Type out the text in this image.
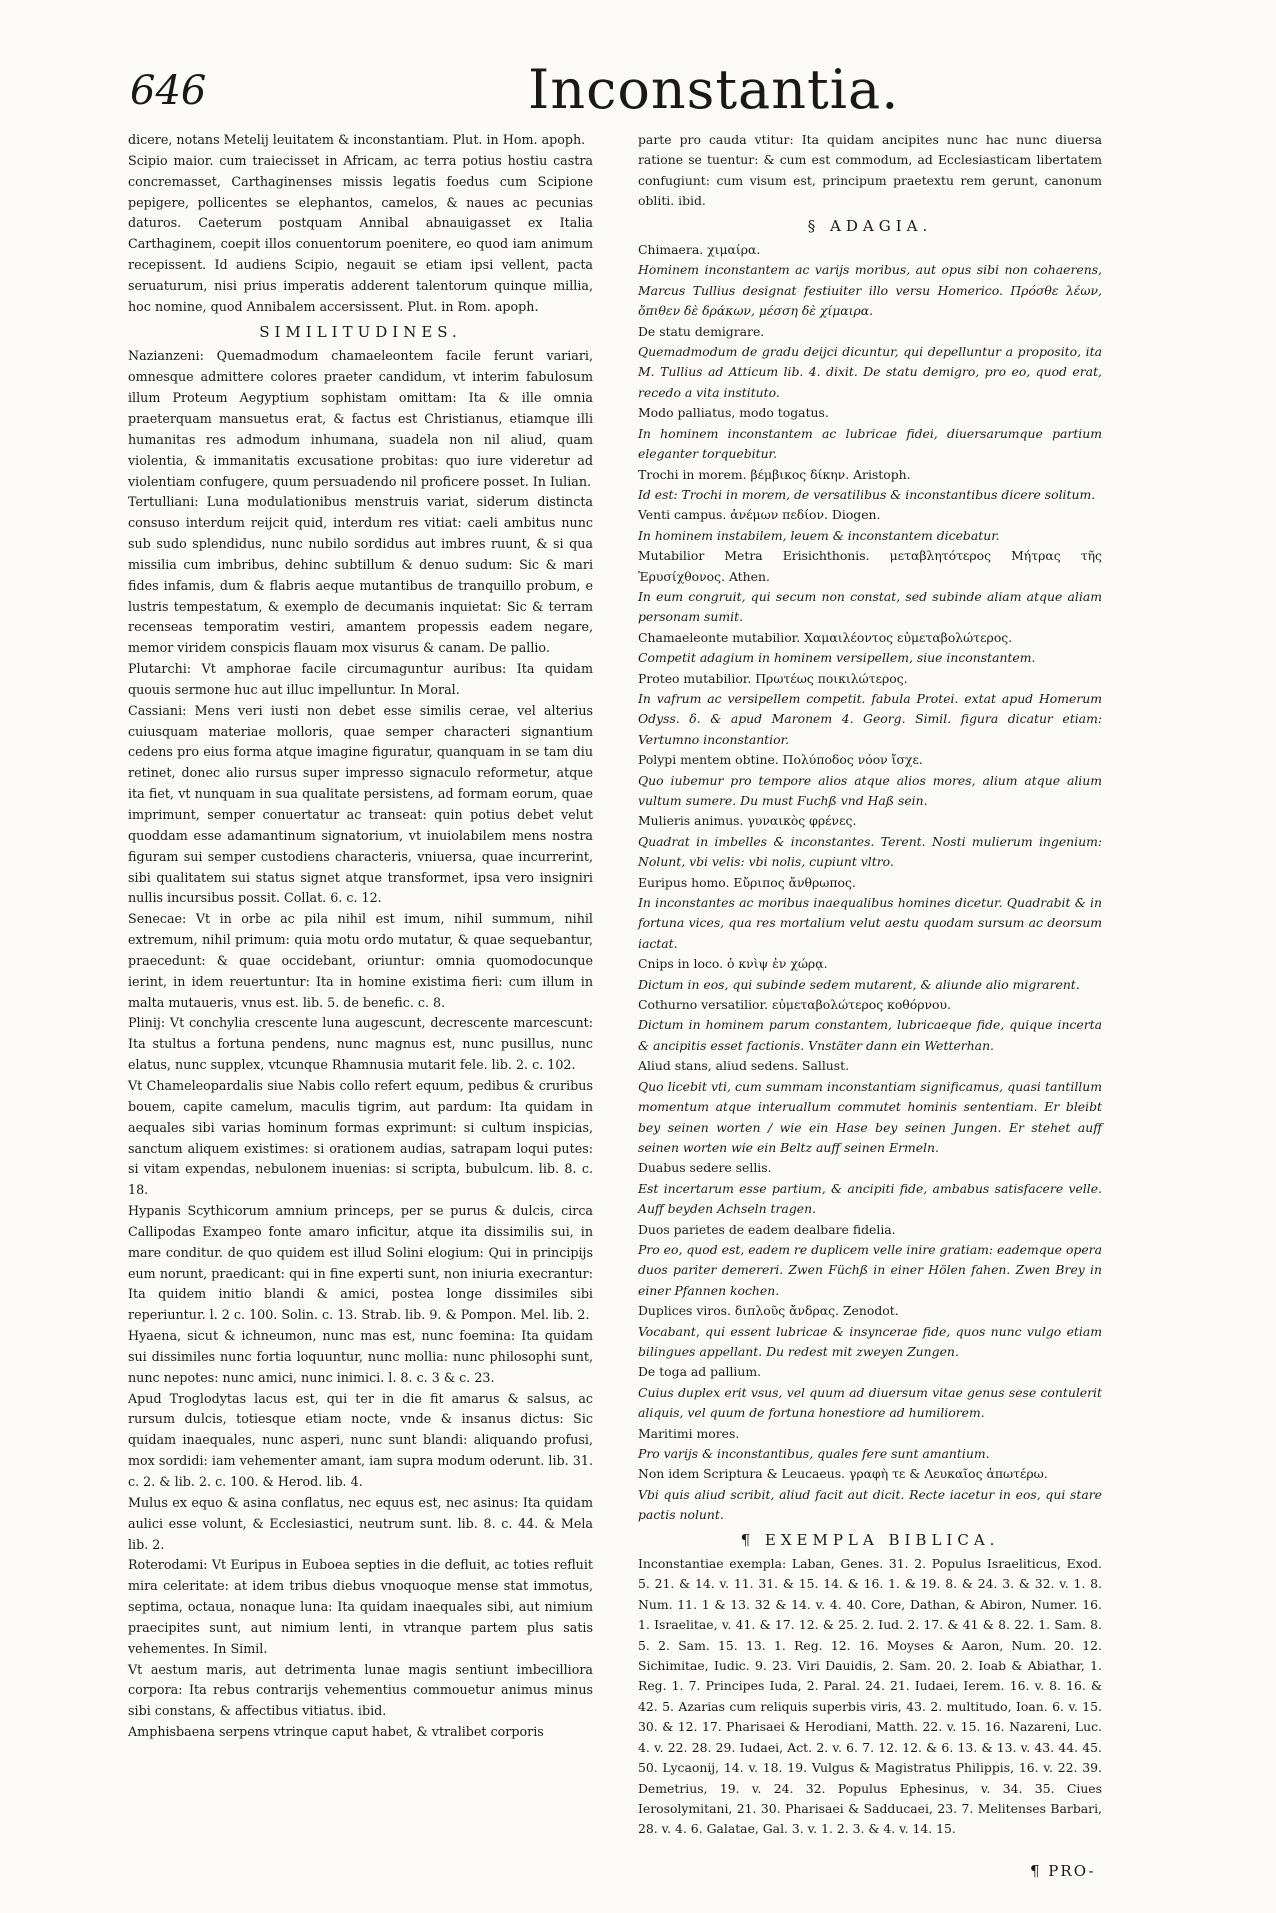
646	Inconstantia.

dicere, notans Metelij leuitatem & inconstantiam. Plut. in Hom. apoph.

Scipio maior. cum traiecisset in Africam, ac terra potius hostiu castra concremasset, Carthaginenses missis legatis foedus cum Scipione pepigere, pollicentes se elephantos, camelos, & naues ac pecunias daturos. Caeterum postquam Annibal abnauigasset ex Italia Carthaginem, coepit illos conuentorum poenitere, eo quod iam animum recepissent. Id audiens Scipio, negauit se etiam ipsi vellent, pacta seruaturum, nisi prius imperatis adderent talentorum quinque millia, hoc nomine, quod Annibalem accersissent. Plut. in Rom. apoph.

SIMILITUDINES.

Nazianzeni: Quemadmodum chamaeleontem facile ferunt variari, omnesque admittere colores praeter candidum, vt interim fabulosum illum Proteum Aegyptium sophistam omittam: Ita & ille omnia praeterquam mansuetus erat, & factus est Christianus, etiamque illi humanitas res admodum inhumana, suadela non nil aliud, quam violentia, & immanitatis excusatione probitas: quo iure videretur ad violentiam confugere, quum persuadendo nil proficere posset. In Iulian.

Tertulliani: Luna modulationibus menstruis variat, siderum distincta consuso interdum reijcit quid, interdum res vitiat: caeli ambitus nunc sub sudo splendidus, nunc nubilo sordidus aut imbres ruunt, & si qua missilia cum imbribus, dehinc subtillum & denuo sudum: Sic & mari fides infamis, dum & flabris aeque mutantibus de tranquillo probum, e lustris tempestatum, & exemplo de decumanis inquietat: Sic & terram recenseas temporatim vestiri, amantem propessis eadem negare, memor viridem conspicis flauam mox visurus & canam. De pallio.

Plutarchi: Vt amphorae facile circumaguntur auribus: Ita quidam quouis sermone huc aut illuc impelluntur. In Moral.

Cassiani: Mens veri iusti non debet esse similis cerae, vel alterius cuiusquam materiae molloris, quae semper characteri signantium cedens pro eius forma atque imagine figuratur, quanquam in se tam diu retinet, donec alio rursus super impresso signaculo reformetur, atque ita fiet, vt nunquam in sua qualitate persistens, ad formam eorum, quae imprimunt, semper conuertatur ac transeat: quin potius debet velut quoddam esse adamantinum signatorium, vt inuiolabilem mens nostra figuram sui semper custodiens characteris, vniuersa, quae incurrerint, sibi qualitatem sui status signet atque transformet, ipsa vero insigniri nullis incursibus possit. Collat. 6. c. 12.

Senecae: Vt in orbe ac pila nihil est imum, nihil summum, nihil extremum, nihil primum: quia motu ordo mutatur, & quae sequebantur, praecedunt: & quae occidebant, oriuntur: omnia quomodocunque ierint, in idem reuertuntur: Ita in homine existima fieri: cum illum in malta mutaueris, vnus est. lib. 5. de benefic. c. 8.

Plinij: Vt conchylia crescente luna augescunt, decrescente marcescunt: Ita stultus a fortuna pendens, nunc magnus est, nunc pusillus, nunc elatus, nunc supplex, vtcunque Rhamnusia mutarit fele. lib. 2. c. 102.

Vt Chameleopardalis siue Nabis collo refert equum, pedibus & cruribus bouem, capite camelum, maculis tigrim, aut pardum: Ita quidam in aequales sibi varias hominum formas exprimunt: si cultum inspicias, sanctum aliquem existimes: si orationem audias, satrapam loqui putes: si vitam expendas, nebulonem inuenias: si scripta, bubulcum. lib. 8. c. 18.

Hypanis Scythicorum amnium princeps, per se purus & dulcis, circa Callipodas Exampeo fonte amaro inficitur, atque ita dissimilis sui, in mare conditur. de quo quidem est illud Solini elogium: Qui in principijs eum norunt, praedicant: qui in fine experti sunt, non iniuria execrantur: Ita quidem initio blandi & amici, postea longe dissimiles sibi reperiuntur. l. 2 c. 100. Solin. c. 13. Strab. lib. 9. & Pompon. Mel. lib. 2.

Hyaena, sicut & ichneumon, nunc mas est, nunc foemina: Ita quidam sui dissimiles nunc fortia loquuntur, nunc mollia: nunc philosophi sunt, nunc nepotes: nunc amici, nunc inimici. l. 8. c. 3 & c. 23.

Apud Troglodytas lacus est, qui ter in die fit amarus & salsus, ac rursum dulcis, totiesque etiam nocte, vnde & insanus dictus: Sic quidam inaequales, nunc asperi, nunc sunt blandi: aliquando profusi, mox sordidi: iam vehementer amant, iam supra modum oderunt. lib. 31. c. 2. & lib. 2. c. 100. & Herod. lib. 4.

Mulus ex equo & asina conflatus, nec equus est, nec asinus: Ita quidam aulici esse volunt, & Ecclesiastici, neutrum sunt. lib. 8. c. 44. & Mela lib. 2.

Roterodami: Vt Euripus in Euboea septies in die defluit, ac toties refluit mira celeritate: at idem tribus diebus vnoquoque mense stat immotus, septima, octaua, nonaque luna: Ita quidam inaequales sibi, aut nimium praecipites sunt, aut nimium lenti, in vtranque partem plus satis vehementes. In Simil.

Vt aestum maris, aut detrimenta lunae magis sentiunt imbecilliora corpora: Ita rebus contrarijs vehementius commouetur animus minus sibi constans, & affectibus vitiatus. ibid.

Amphisbaena serpens vtrinque caput habet, & vtralibet corporis

parte pro cauda vtitur: Ita quidam ancipites nunc hac nunc diuersa ratione se tuentur: & cum est commodum, ad Ecclesiasticam libertatem confugiunt: cum visum est, principum praetextu rem gerunt, canonum obliti. ibid.

§ ADAGIA.

Chimaera. χιμαίρα.

Hominem inconstantem ac varijs moribus, aut opus sibi non cohaerens, Marcus Tullius designat festiuiter illo versu Homerico. Πρόσθε λέων, ὄπιθεν δὲ δράκων, μέσση δὲ χίμαιρα.

De statu demigrare.

Quemadmodum de gradu deijci dicuntur, qui depelluntur a proposito, ita M. Tullius ad Atticum lib. 4. dixit. De statu demigro, pro eo, quod erat, recedo a vita instituto.

Modo palliatus, modo togatus.

In hominem inconstantem ac lubricae fidei, diuersarumque partium eleganter torquebitur.

Trochi in morem. βέμβικος δίκην. Aristoph.

Id est: Trochi in morem, de versatilibus & inconstantibus dicere solitum.

Venti campus. ἀνέμων πεδίον. Diogen.

In hominem instabilem, leuem & inconstantem dicebatur.

Mutabilior Metra Erisichthonis. μεταβλητότερος Μήτρας τῆς Ἐρυσίχθονος. Athen.

In eum congruit, qui secum non constat, sed subinde aliam atque aliam personam sumit.

Chamaeleonte mutabilior. Χαμαιλέοντος εὐμεταβολώτερος.

Competit adagium in hominem versipellem, siue inconstantem.

Proteo mutabilior. Πρωτέως ποικιλώτερος.

In vafrum ac versipellem competit. fabula Protei. extat apud Homerum Odyss. δ. & apud Maronem 4. Georg. Simil. figura dicatur etiam: Vertumno inconstantior.

Polypi mentem obtine. Πολύποδος νόον ἴσχε.

Quo iubemur pro tempore alios atque alios mores, alium atque alium vultum sumere. Du must Fuchß vnd Haß sein.

Mulieris animus. γυναικὸς φρένες.

Quadrat in imbelles & inconstantes. Terent. Nosti mulierum ingenium: Nolunt, vbi velis: vbi nolis, cupiunt vltro.

Euripus homo. Εὔριπος ἄνθρωπος.

In inconstantes ac moribus inaequalibus homines dicetur. Quadrabit & in fortuna vices, qua res mortalium velut aestu quodam sursum ac deorsum iactat.

Cnips in loco. ὁ κνὶψ ἐν χώρᾳ.

Dictum in eos, qui subinde sedem mutarent, & aliunde alio migrarent.

Cothurno versatilior. εὐμεταβολώτερος κοθόρνου.

Dictum in hominem parum constantem, lubricaeque fide, quique incerta & ancipitis esset factionis. Vnstäter dann ein Wetterhan.

Aliud stans, aliud sedens. Sallust.

Quo licebit vti, cum summam inconstantiam significamus, quasi tantillum momentum atque interuallum commutet hominis sententiam. Er bleibt bey seinen worten / wie ein Hase bey seinen Jungen. Er stehet auff seinen worten wie ein Beltz auff seinen Ermeln.

Duabus sedere sellis.

Est incertarum esse partium, & ancipiti fide, ambabus satisfacere velle. Auff beyden Achseln tragen.

Duos parietes de eadem dealbare fidelia.

Pro eo, quod est, eadem re duplicem velle inire gratiam: eademque opera duos pariter demereri. Zwen Füchß in einer Hölen fahen. Zwen Brey in einer Pfannen kochen.

Duplices viros. διπλοῦς ἄνδρας. Zenodot.

Vocabant, qui essent lubricae & insyncerae fide, quos nunc vulgo etiam bilingues appellant. Du redest mit zweyen Zungen.

De toga ad pallium.

Cuius duplex erit vsus, vel quum ad diuersum vitae genus sese contulerit aliquis, vel quum de fortuna honestiore ad humiliorem.

Maritimi mores.

Pro varijs & inconstantibus, quales fere sunt amantium.

Non idem Scriptura & Leucaeus. γραφὴ τε & Λευκαῖος ἀπωτέρω.

Vbi quis aliud scribit, aliud facit aut dicit. Recte iacetur in eos, qui stare pactis nolunt.

¶ EXEMPLA BIBLICA.

Inconstantiae exempla: Laban, Genes. 31. 2. Populus Israeliticus, Exod. 5. 21. & 14. v. 11. 31. & 15. 14. & 16. 1. & 19. 8. & 24. 3. & 32. v. 1. 8. Num. 11. 1 & 13. 32 & 14. v. 4. 40. Core, Dathan, & Abiron, Numer. 16. 1. Israelitae, v. 41. & 17. 12. & 25. 2. Iud. 2. 17. & 41 & 8. 22. 1. Sam. 8. 5. 2. Sam. 15. 13. 1. Reg. 12. 16. Moyses & Aaron, Num. 20. 12. Sichimitae, Iudic. 9. 23. Viri Dauidis, 2. Sam. 20. 2. Ioab & Abiathar, 1. Reg. 1. 7. Principes Iuda, 2. Paral. 24. 21. Iudaei, Ierem. 16. v. 8. 16. & 42. 5. Azarias cum reliquis superbis viris, 43. 2. multitudo, Ioan. 6. v. 15. 30. & 12. 17. Pharisaei & Herodiani, Matth. 22. v. 15. 16. Nazareni, Luc. 4. v. 22. 28. 29. Iudaei, Act. 2. v. 6. 7. 12. 12. & 6. 13. & 13. v. 43. 44. 45. 50. Lycaonij, 14. v. 18. 19. Vulgus & Magistratus Philippis, 16. v. 22. 39. Demetrius, 19. v. 24. 32. Populus Ephesinus, v. 34. 35. Ciues Ierosolymitani, 21. 30. Pharisaei & Sadducaei, 23. 7. Melitenses Barbari, 28. v. 4. 6. Galatae, Gal. 3. v. 1. 2. 3. & 4. v. 14. 15.

¶ PRO-
